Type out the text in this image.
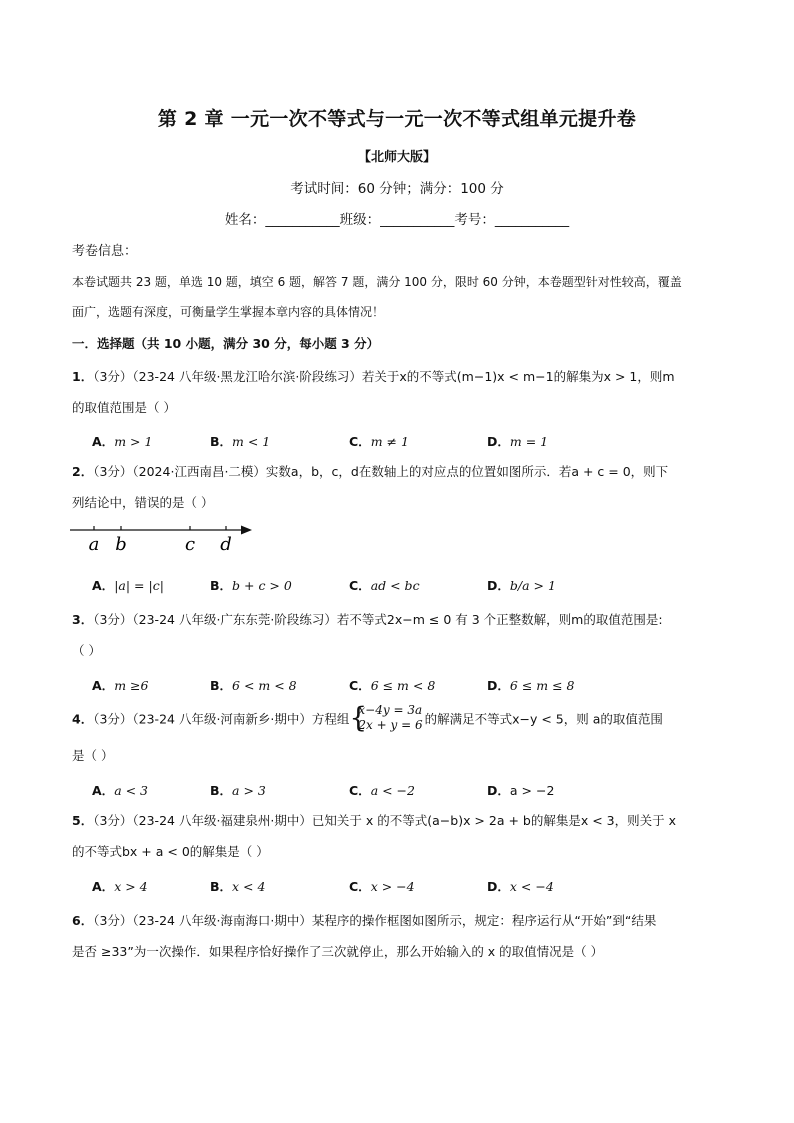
第 2 章 一元一次不等式与一元一次不等式组单元提升卷
【北师大版】
考试时间：60 分钟；满分：100 分
姓名：___________班级：___________考号：___________
考卷信息：
本卷试题共 23 题，单选 10 题，填空 6 题，解答 7 题，满分 100 分，限时 60 分钟，本卷题型针对性较高，覆盖
面广，选题有深度，可衡量学生掌握本章内容的具体情况！
一．选择题（共 10 小题，满分 30 分，每小题 3 分）
1．（3分）（23-24 八年级·黑龙江哈尔滨·阶段练习）若关于x的不等式(m−1)x < m−1的解集为x > 1，则m
的取值范围是（ ）
A．m > 1	B．m < 1	C．m ≠ 1	D．m = 1
2．（3分）（2024·江西南昌·二模）实数a，b，c，d在数轴上的对应点的位置如图所示．若a + c = 0，则下
列结论中，错误的是（ ）
a b	c d
A．|a| = |c|	B．b + c > 0	C．ad < bc	D．b/a > 1
3．（3分）（23-24 八年级·广东东莞·阶段练习）若不等式2x−m ≤ 0 有 3 个正整数解，则m的取值范围是:
（ ）
A．m ≥6	B．6 < m < 8	C．6 ≤ m < 8	D．6 ≤ m ≤ 8
4．（3分）（23-24 八年级·河南新乡·期中）方程组 {
x−4y = 3a
2x + y = 6 的解满足不等式x−y < 5，则 a的取值范围
是（ ）
A．a < 3	B．a > 3	C．a < −2	D．a > −2
5．（3分）（23-24 八年级·福建泉州·期中）已知关于 x 的不等式(a−b)x > 2a + b的解集是x < 3，则关于 x
的不等式bx + a < 0的解集是（ ）
A．x > 4	B．x < 4	C．x > −4	D．x < −4
6．（3分）（23-24 八年级·海南海口·期中）某程序的操作框图如图所示，规定：程序运行从“开始”到“结果
是否 ≥33”为一次操作．如果程序恰好操作了三次就停止，那么开始输入的 x 的取值情况是（ ）
